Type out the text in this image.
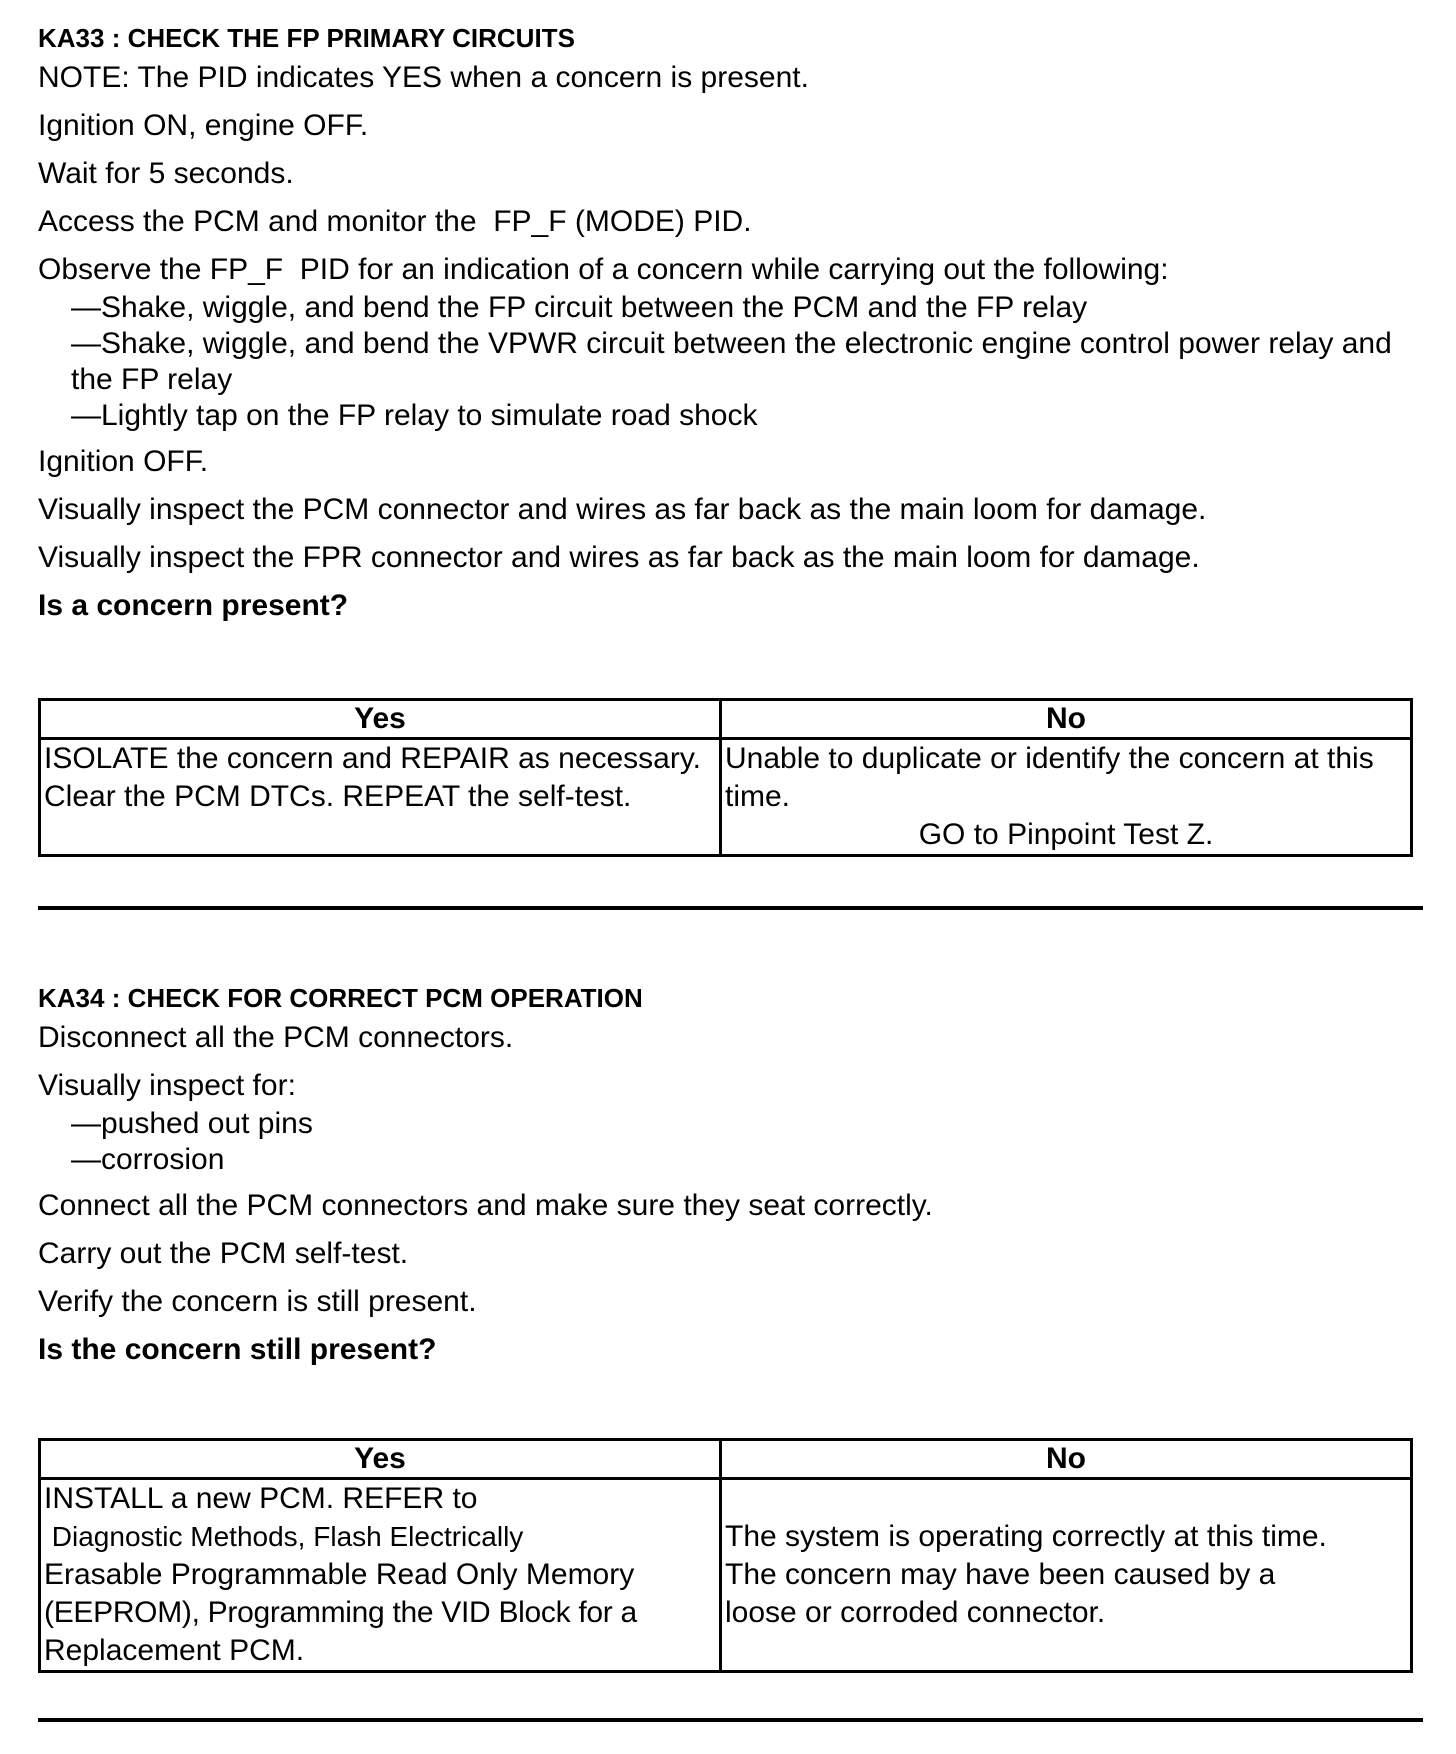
KA33 : CHECK THE FP PRIMARY CIRCUITS
NOTE: The PID indicates YES when a concern is present.
Ignition ON, engine OFF.
Wait for 5 seconds.
Access the PCM and monitor the  FP_F (MODE) PID.
Observe the FP_F  PID for an indication of a concern while carrying out the following:
—Shake, wiggle, and bend the FP circuit between the PCM and the FP relay
—Shake, wiggle, and bend the VPWR circuit between the electronic engine control power relay and the FP relay
—Lightly tap on the FP relay to simulate road shock
Ignition OFF.
Visually inspect the PCM connector and wires as far back as the main loom for damage.
Visually inspect the FPR connector and wires as far back as the main loom for damage.
Is a concern present?
Yes	No

ISOLATE the concern and REPAIR as necessary.
Clear the PCM DTCs. REPEAT the self-test.	Unable to duplicate or identify the concern at this time.
GO to Pinpoint Test Z.
KA34 : CHECK FOR CORRECT PCM OPERATION
Disconnect all the PCM connectors.
Visually inspect for:
—pushed out pins
—corrosion
Connect all the PCM connectors and make sure they seat correctly.
Carry out the PCM self-test.
Verify the concern is still present.
Is the concern still present?
Yes	No

INSTALL a new PCM. REFER to
Diagnostic Methods, Flash Electrically
Erasable Programmable Read Only Memory
(EEPROM), Programming the VID Block for a
Replacement PCM.	The system is operating correctly at this time.
The concern may have been caused by a
loose or corroded connector.
